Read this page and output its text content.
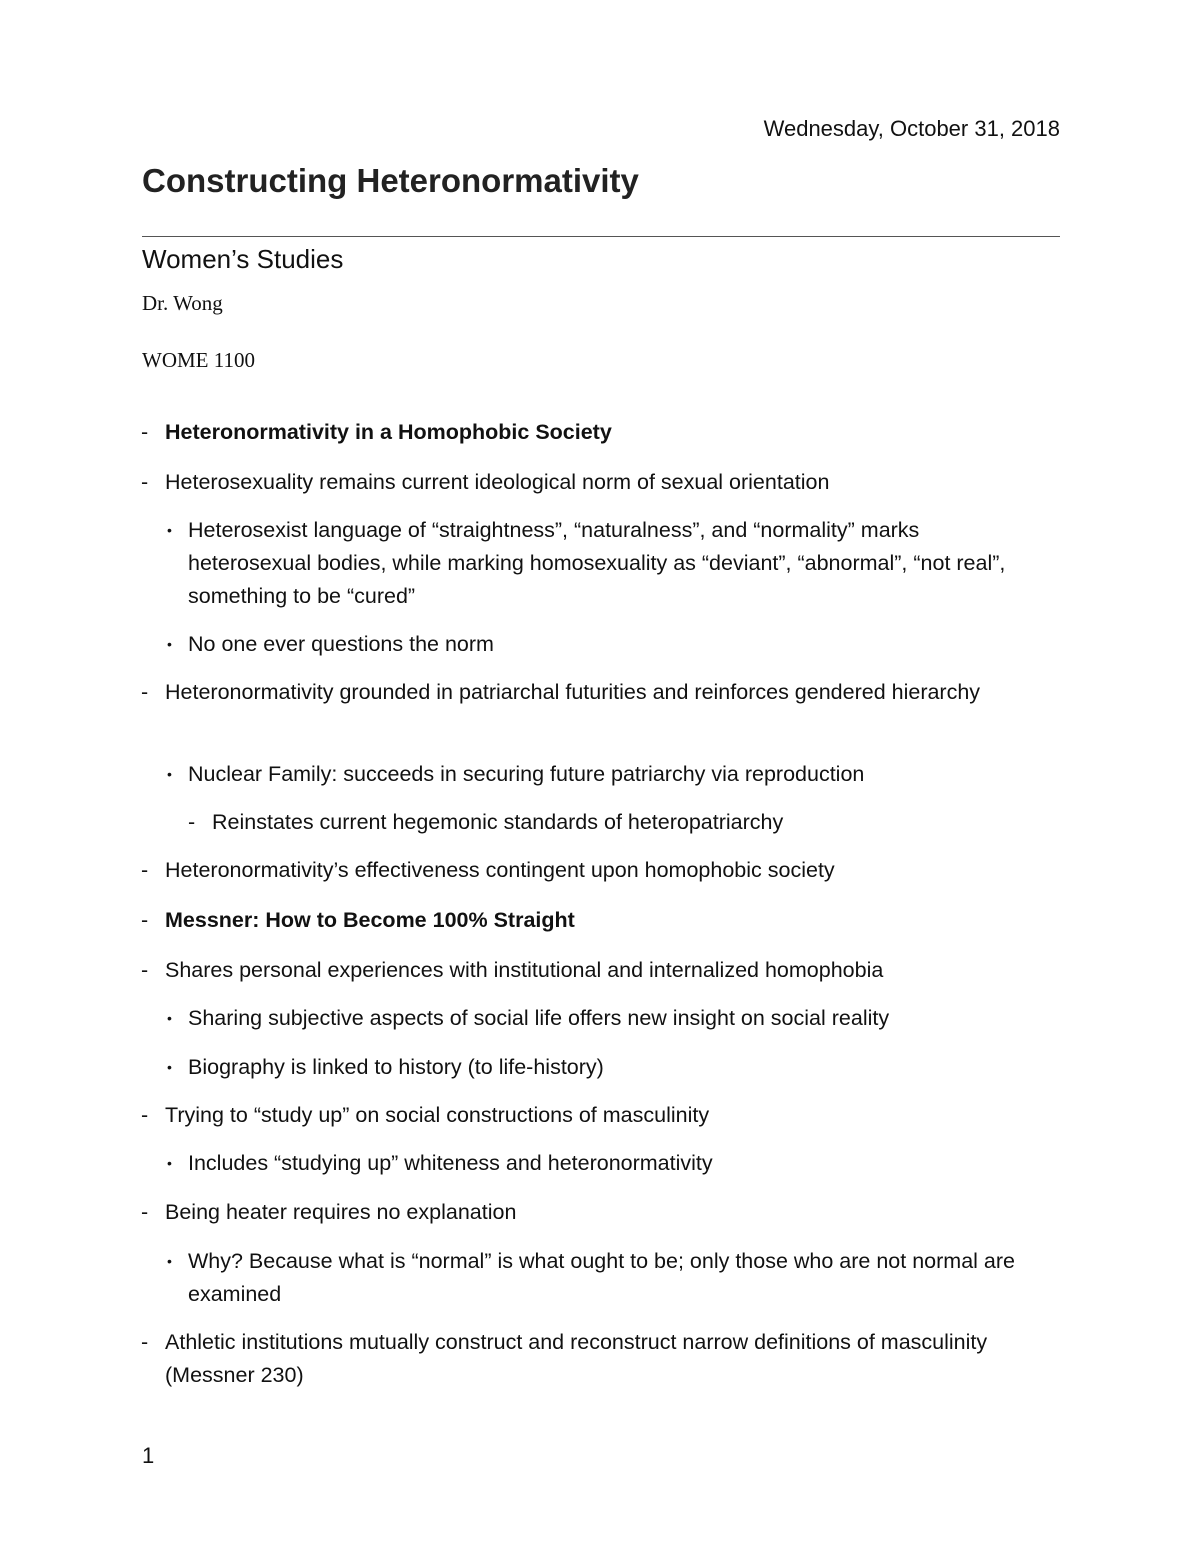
Wednesday, October 31, 2018
Constructing Heteronormativity
Women’s Studies
Dr. Wong
WOME 1100
- Heteronormativity in a Homophobic Society
- Heterosexuality remains current ideological norm of sexual orientation
• Heterosexist language of “straightness”, “naturalness”, and “normality” marks heterosexual bodies, while marking homosexuality as “deviant”, “abnormal”, “not real”, something to be “cured”
• No one ever questions the norm
- Heteronormativity grounded in patriarchal futurities and reinforces gendered hierarchy
• Nuclear Family: succeeds in securing future patriarchy via reproduction
- Reinstates current hegemonic standards of heteropatriarchy
- Heteronormativity’s effectiveness contingent upon homophobic society
- Messner: How to Become 100% Straight
- Shares personal experiences with institutional and internalized homophobia
• Sharing subjective aspects of social life offers new insight on social reality
• Biography is linked to history (to life-history)
- Trying to “study up” on social constructions of masculinity
• Includes “studying up” whiteness and heteronormativity
- Being heater requires no explanation
• Why? Because what is “normal” is what ought to be; only those who are not normal are examined
- Athletic institutions mutually construct and reconstruct narrow definitions of masculinity (Messner 230)
1
